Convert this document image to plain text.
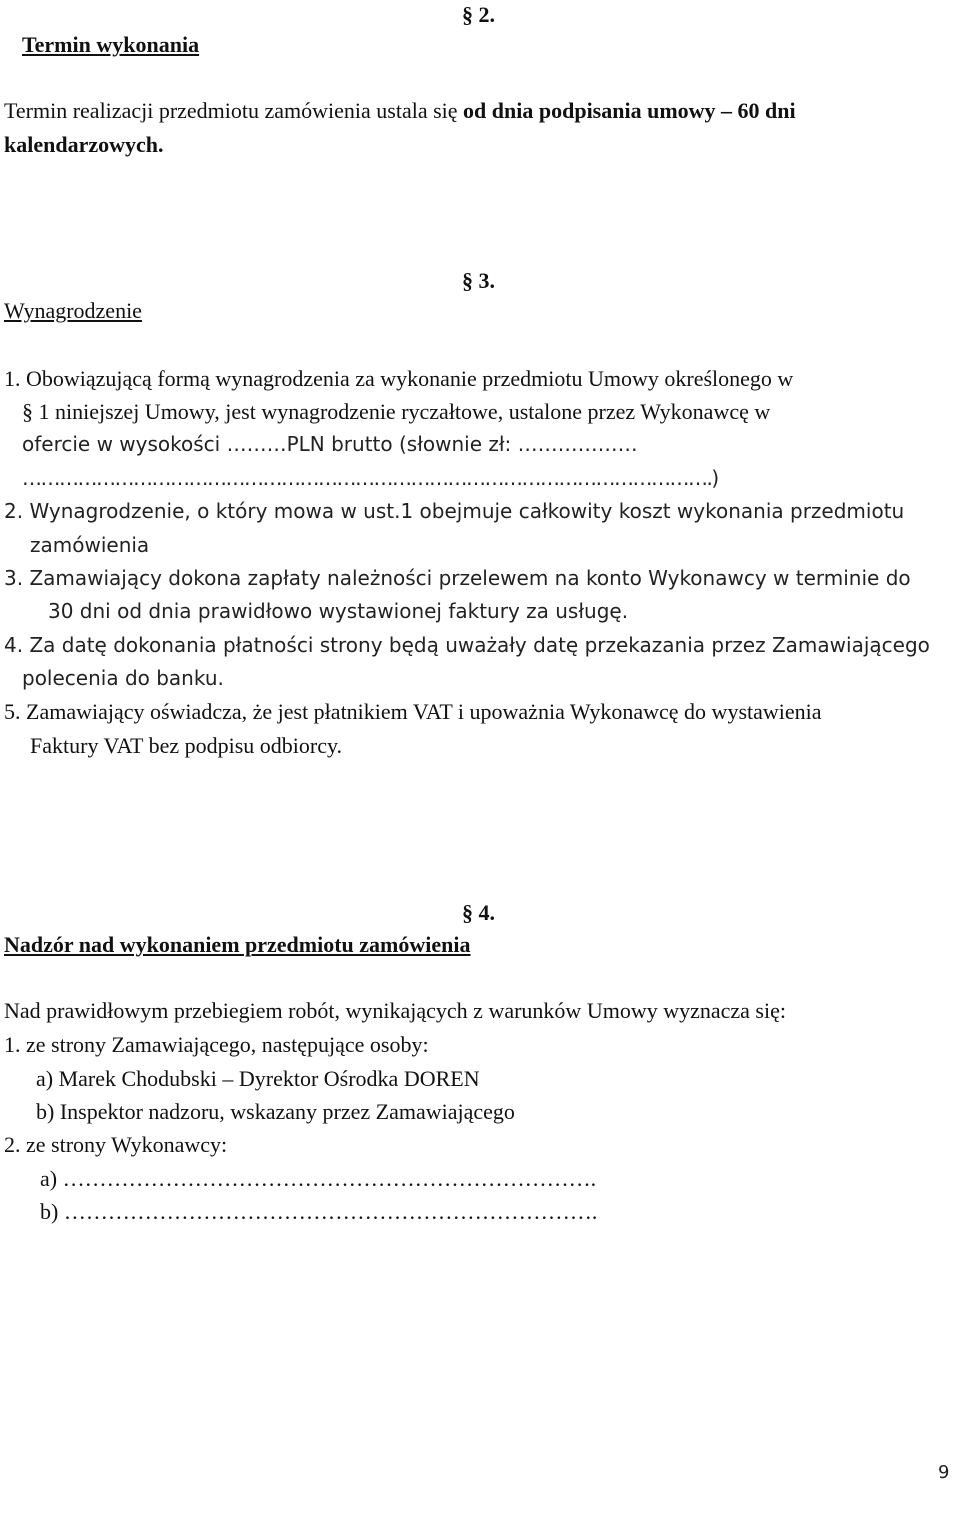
Termin wykonania
§ 2.
Termin realizacji przedmiotu zamówienia ustala się od dnia podpisania umowy – 60 dni
kalendarzowych.
§ 3.
Wynagrodzenie
1. Obowiązującą formą wynagrodzenia za wykonanie przedmiotu Umowy określonego w
§ 1 niniejszej Umowy, jest wynagrodzenie ryczałtowe, ustalone przez Wykonawcę w
ofercie w wysokości ………PLN brutto (słownie zł: ………………
………………………………………………………………………………………………….)
2. Wynagrodzenie, o który mowa w ust.1 obejmuje całkowity koszt wykonania przedmiotu
zamówienia
3. Zamawiający dokona zapłaty należności przelewem na konto Wykonawcy w terminie do
30 dni od dnia prawidłowo wystawionej faktury za usługę.
4. Za datę dokonania płatności strony będą uważały datę przekazania przez Zamawiającego
polecenia do banku.
5. Zamawiający oświadcza, że jest płatnikiem VAT i upoważnia Wykonawcę do wystawienia
Faktury VAT bez podpisu odbiorcy.
§ 4.
Nadzór nad wykonaniem przedmiotu zamówienia
Nad prawidłowym przebiegiem robót, wynikających z warunków Umowy wyznacza się:
1. ze strony Zamawiającego, następujące osoby:
a) Marek Chodubski – Dyrektor Ośrodka DOREN
b) Inspektor nadzoru, wskazany przez Zamawiającego
2. ze strony Wykonawcy:
a) ……………………………………………………………….
b) ……………………………………………………………….
9
